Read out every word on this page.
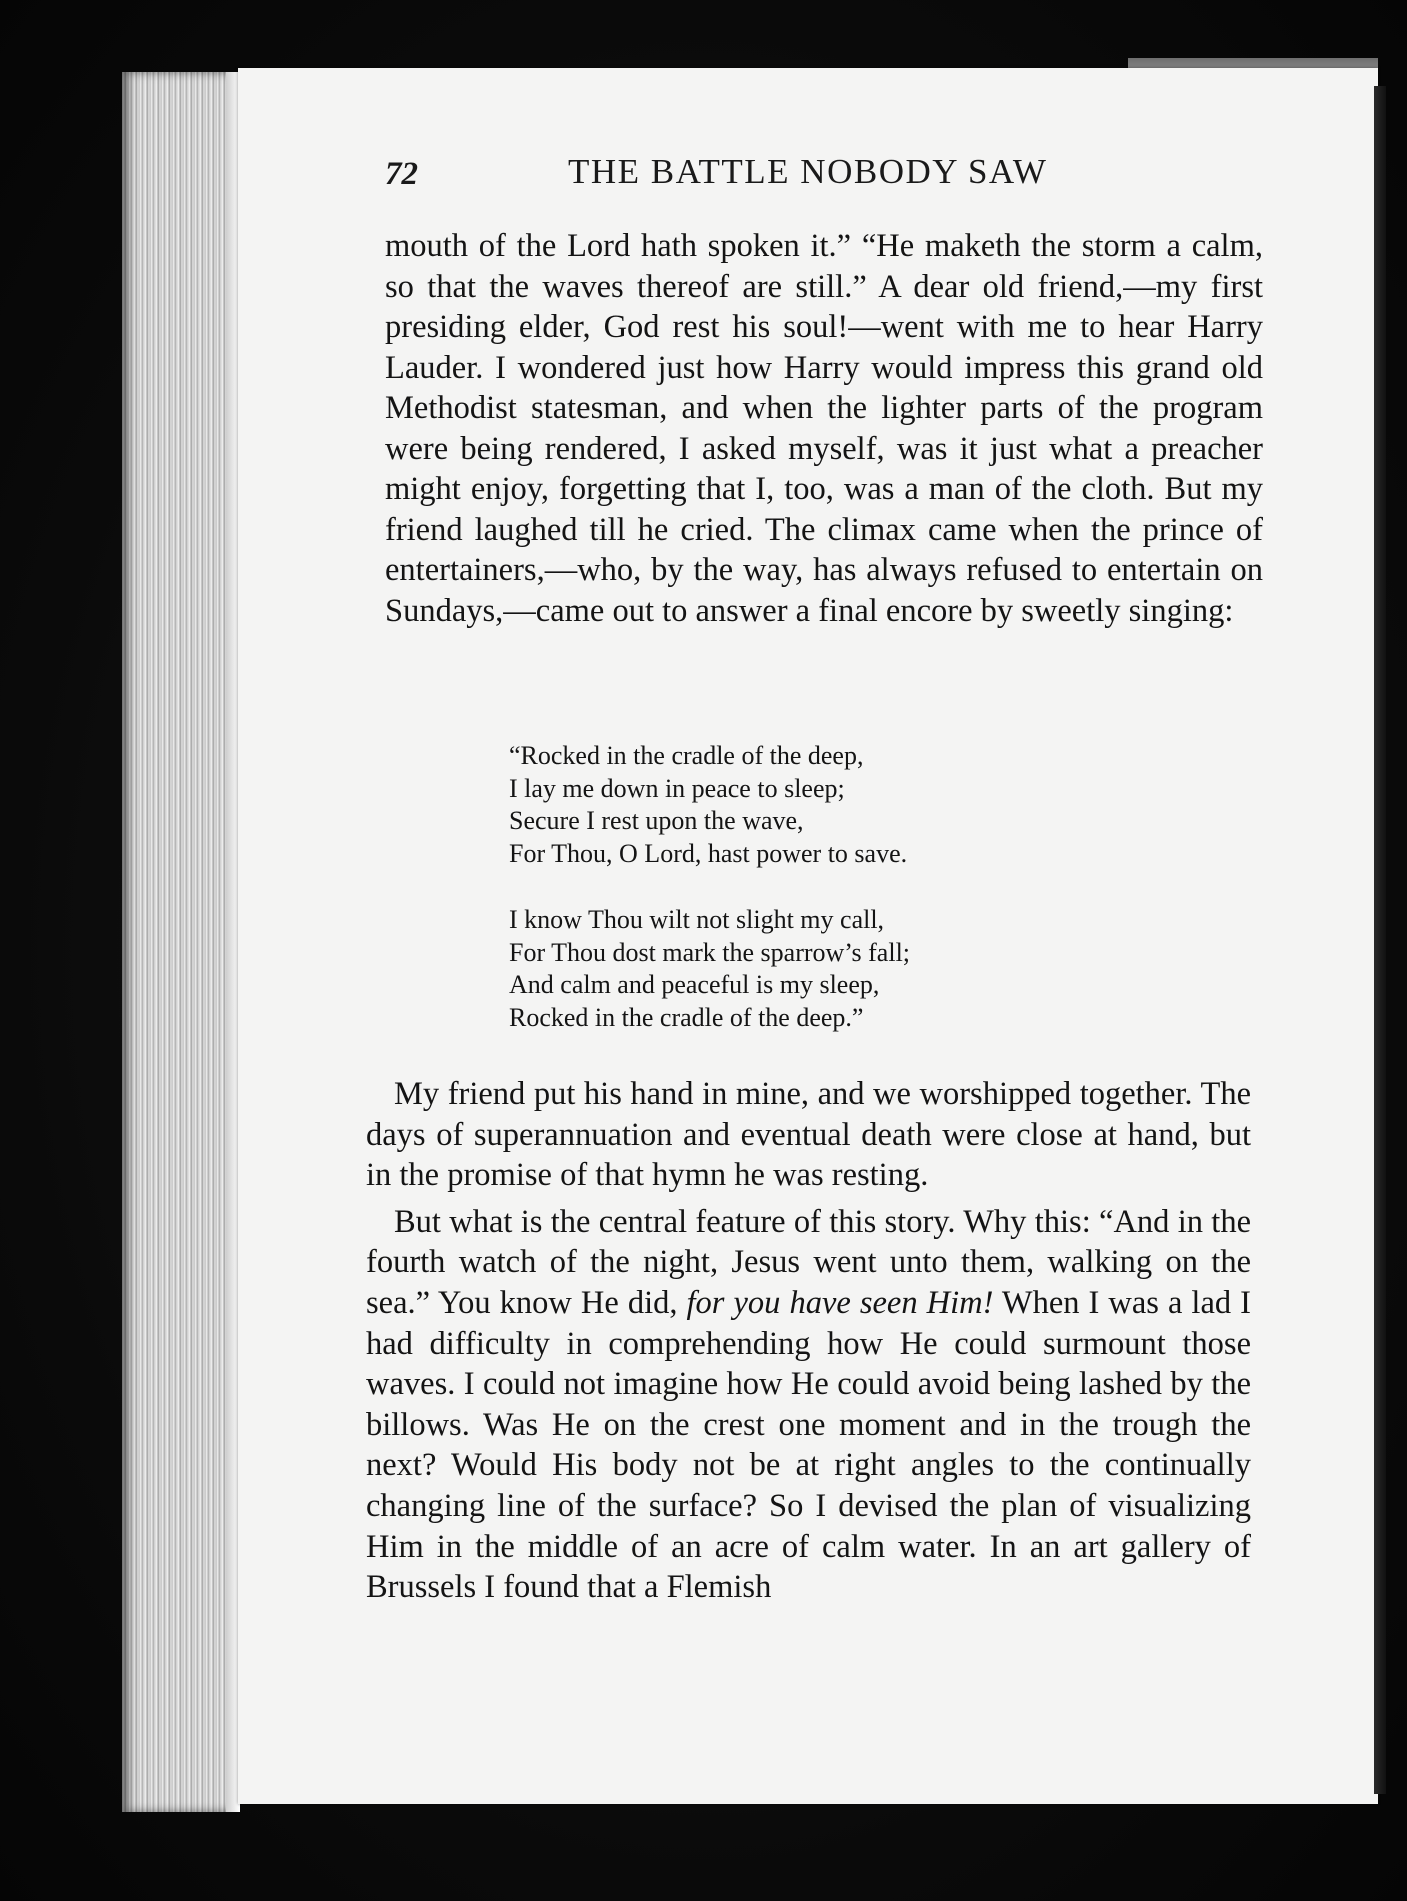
72	THE BATTLE NOBODY SAW

mouth of the Lord hath spoken it.” “He maketh the storm a calm, so that the waves thereof are still.” A dear old friend,—my first presiding elder, God rest his soul!—went with me to hear Harry Lauder. I wondered just how Harry would impress this grand old Methodist statesman, and when the lighter parts of the program were being rendered, I asked myself, was it just what a preacher might enjoy, forgetting that I, too, was a man of the cloth. But my friend laughed till he cried. The climax came when the prince of entertainers,—who, by the way, has always refused to entertain on Sundays,—came out to answer a final encore by sweetly singing:

“Rocked in the cradle of the deep,
I lay me down in peace to sleep;
Secure I rest upon the wave,
For Thou, O Lord, hast power to save.
I know Thou wilt not slight my call,
For Thou dost mark the sparrow’s fall;
And calm and peaceful is my sleep,
Rocked in the cradle of the deep.”

My friend put his hand in mine, and we worshipped together. The days of superannuation and eventual death were close at hand, but in the promise of that hymn he was resting.

But what is the central feature of this story. Why this: “And in the fourth watch of the night, Jesus went unto them, walking on the sea.” You know He did, for you have seen Him! When I was a lad I had difficulty in comprehending how He could surmount those waves. I could not imagine how He could avoid being lashed by the billows. Was He on the crest one moment and in the trough the next? Would His body not be at right angles to the continually changing line of the surface? So I devised the plan of visualizing Him in the middle of an acre of calm water. In an art gallery of Brussels I found that a Flemish
